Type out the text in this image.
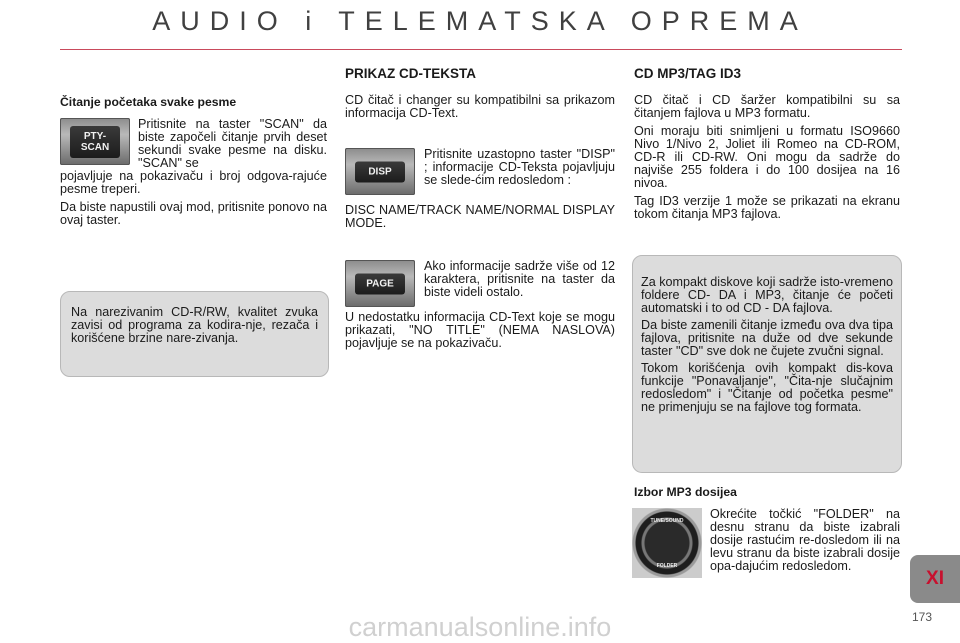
AUDIO i TELEMATSKA OPREMA
Čitanje početaka svake pesme
PTY-SCAN

Pritisnite na taster "SCAN" da biste započeli čitanje prvih deset sekundi svake pesme na disku. "SCAN" se

pojavljuje na pokazivaču i broj odgova-rajuće pesme treperi.

Da biste napustili ovaj mod, pritisnite ponovo na ovaj taster.

Na narezivanim CD-R/RW, kvalitet zvuka zavisi od programa za kodira-nje, rezača i korišćene brzine nare-zivanja.

PRIKAZ CD-TEKSTA

CD čitač i changer su kompatibilni sa prikazom informacija CD-Text.

DISP

Pritisnite uzastopno taster "DISP" ; informacije CD-Teksta pojavljuju se slede-ćim redosledom :

DISC NAME/TRACK NAME/NORMAL DISPLAY MODE.

PAGE

Ako informacije sadrže više od 12 karaktera, pritisnite na taster da biste videli ostalo.

U nedostatku informacija CD-Text koje se mogu prikazati, "NO TITLE" (NEMA NASLOVA) pojavljuje se na pokazivaču.

CD MP3/TAG ID3

CD čitač i CD šaržer kompatibilni su sa čitanjem fajlova u MP3 formatu.

Oni moraju biti snimljeni u formatu ISO9660 Nivo 1/Nivo 2, Joliet ili Romeo na CD-ROM, CD-R ili CD-RW. Oni mogu da sadrže do najviše 255 foldera i do 100 dosijea na 16 nivoa.

Tag ID3 verzije 1 može se prikazati na ekranu tokom čitanja MP3 fajlova.

Za kompakt diskove koji sadrže isto-vremeno foldere CD- DA i MP3, čitanje će početi automatski i to od CD - DA fajlova.

Da biste zamenili čitanje između ova dva tipa fajlova, pritisnite na duže od dve sekunde taster "CD" sve dok ne čujete zvučni signal.

Tokom korišćenja ovih kompakt dis-kova funkcije "Ponavaljanje", "Čita-nje slučajnim redosledom" i "Čitanje od početka pesme" ne primenjuju se na fajlove tog formata.

Izbor MP3 dosijea
TUNE/SOUND
FOLDER

Okrećite točkić "FOLDER" na desnu stranu da biste izabrali dosije rastućim re-dosledom ili na levu stranu da biste izabrali dosije opa-dajućim redosledom.

XI
173
carmanualsonline.info
